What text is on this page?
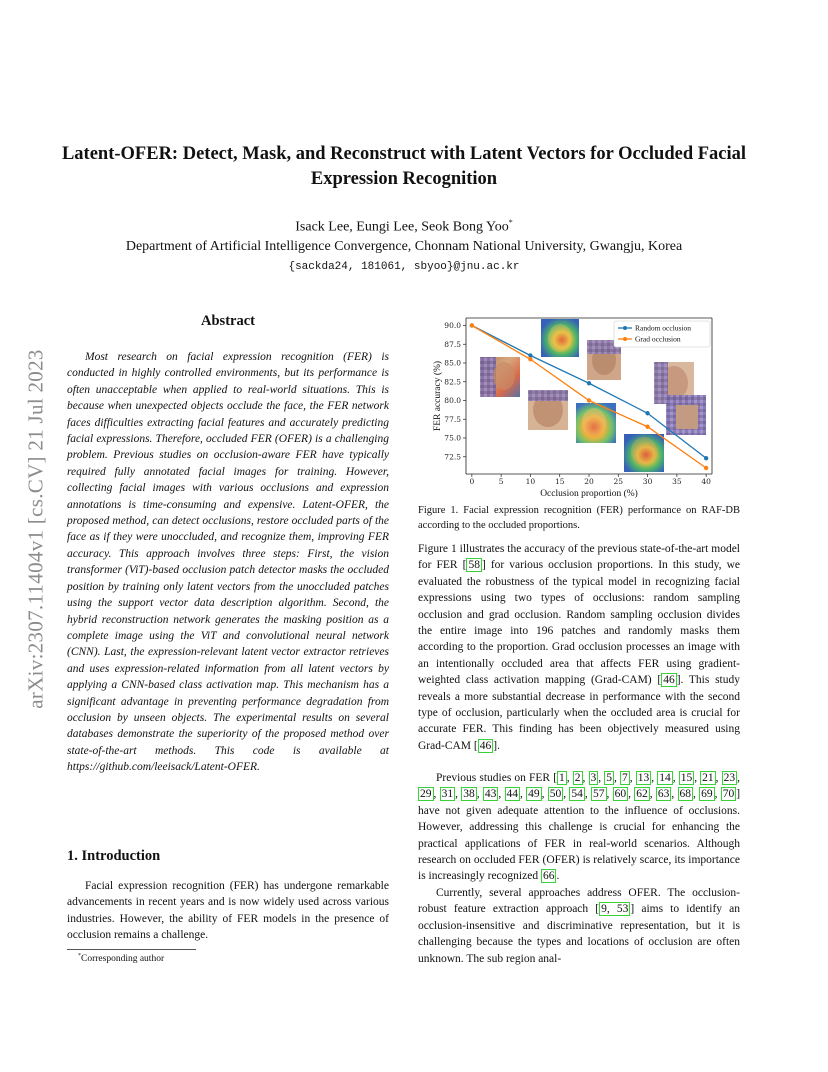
arXiv:2307.11404v1 [cs.CV] 21 Jul 2023
Latent-OFER: Detect, Mask, and Reconstruct with Latent Vectors for Occluded Facial Expression Recognition
Isack Lee, Eungi Lee, Seok Bong Yoo*
Department of Artificial Intelligence Convergence, Chonnam National University, Gwangju, Korea
{sackda24, 181061, sbyoo}@jnu.ac.kr
Abstract

Most research on facial expression recognition (FER) is conducted in highly controlled environments, but its performance is often unacceptable when applied to real-world situations. This is because when unexpected objects occlude the face, the FER network faces difficulties extracting facial features and accurately predicting facial expressions. Therefore, occluded FER (OFER) is a challenging problem. Previous studies on occlusion-aware FER have typically required fully annotated facial images for training. However, collecting facial images with various occlusions and expression annotations is time-consuming and expensive. Latent-OFER, the proposed method, can detect occlusions, restore occluded parts of the face as if they were unoccluded, and recognize them, improving FER accuracy. This approach involves three steps: First, the vision transformer (ViT)-based occlusion patch detector masks the occluded position by training only latent vectors from the unoccluded patches using the support vector data description algorithm. Second, the hybrid reconstruction network generates the masking position as a complete image using the ViT and convolutional neural network (CNN). Last, the expression-relevant latent vector extractor retrieves and uses expression-related information from all latent vectors by applying a CNN-based class activation map. This mechanism has a significant advantage in preventing performance degradation from occlusion by unseen objects. The experimental results on several databases demonstrate the superiority of the proposed method over state-of-the-art methods. This code is available at https://github.com/leeisack/Latent-OFER.

1. Introduction

Facial expression recognition (FER) has undergone remarkable advancements in recent years and is now widely used across various industries. However, the ability of FER models in the presence of occlusion remains a challenge.

*Corresponding author
0	5	10	15	20	25	30	35	40
72.5
75.0
77.5
80.0
82.5
85.0
87.5
90.0
Occlusion proportion (%)
FER accuracy (%)
Random occlusion
Grad occlusion

Figure 1. Facial expression recognition (FER) performance on RAF-DB according to the occluded proportions.

Figure 1 illustrates the accuracy of the previous state-of-the-art model for FER [ 58 ] for various occlusion proportions. In this study, we evaluated the robustness of the typical model in recognizing facial expressions using two types of occlusions: random sampling occlusion and grad occlusion. Random sampling occlusion divides the entire image into 196 patches and randomly masks them according to the proportion. Grad occlusion processes an image with an intentionally occluded area that affects FER using gradient-weighted class activation mapping (Grad-CAM) [ 46 ]. This study reveals a more substantial decrease in performance with the second type of occlusion, particularly when the occluded area is crucial for accurate FER. This finding has been objectively measured using Grad-CAM [ 46 ].

Previous studies on FER [ 1 , 2 , 3 , 5 , 7 , 13 , 14 , 15 , 21 , 23 , 29 , 31 , 38 , 43 , 44 , 49 , 50 , 54 , 57 , 60 , 62 , 63 , 68 , 69 , 70 ] have not given adequate attention to the influence of occlusions. However, addressing this challenge is crucial for enhancing the practical applications of FER in real-world scenarios. Although research on occluded FER (OFER) is relatively scarce, its importance is increasingly recognized 66 .

Currently, several approaches address OFER. The occlusion-robust feature extraction approach [ 9, 53 ] aims to identify an occlusion-insensitive and discriminative representation, but it is challenging because the types and locations of occlusion are often unknown. The sub region anal-
